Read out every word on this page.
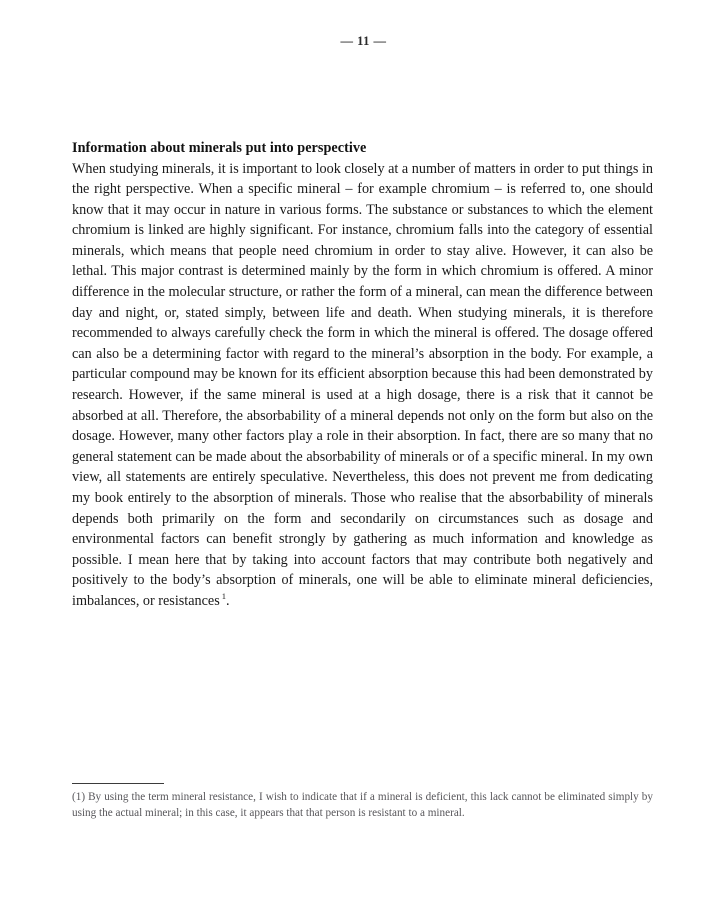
— 11 —
Information about minerals put into perspective

When studying minerals, it is important to look closely at a number of matters in order to put things in the right perspective. When a specific mineral – for example chromium – is referred to, one should know that it may occur in nature in various forms. The substance or substances to which the element chromium is linked are highly significant. For instance, chromium falls into the category of essential minerals, which means that people need chromium in order to stay alive. However, it can also be lethal. This major contrast is determined mainly by the form in which chromium is offered. A minor difference in the molecular structure, or rather the form of a mineral, can mean the difference between day and night, or, stated simply, between life and death. When studying minerals, it is therefore recommended to always carefully check the form in which the mineral is offered. The dosage offered can also be a determining factor with regard to the mineral’s absorption in the body. For example, a particular compound may be known for its efficient absorption because this had been demonstrated by research. However, if the same mineral is used at a high dosage, there is a risk that it cannot be absorbed at all. Therefore, the absorbability of a mineral depends not only on the form but also on the dosage. However, many other factors play a role in their absorption. In fact, there are so many that no general statement can be made about the absorbability of minerals or of a specific mineral. In my own view, all statements are entirely speculative. Nevertheless, this does not prevent me from dedicating my book entirely to the absorption of minerals. Those who realise that the absorbability of minerals depends both primarily on the form and secondarily on circumstances such as dosage and environmental factors can benefit strongly by gathering as much information and knowledge as possible. I mean here that by taking into account factors that may contribute both negatively and positively to the body’s absorption of minerals, one will be able to eliminate mineral deficiencies, imbalances, or resistances $^1$.

(1) By using the term mineral resistance, I wish to indicate that if a mineral is deficient, this lack cannot be eliminated simply by using the actual mineral; in this case, it appears that that person is resistant to a mineral.
